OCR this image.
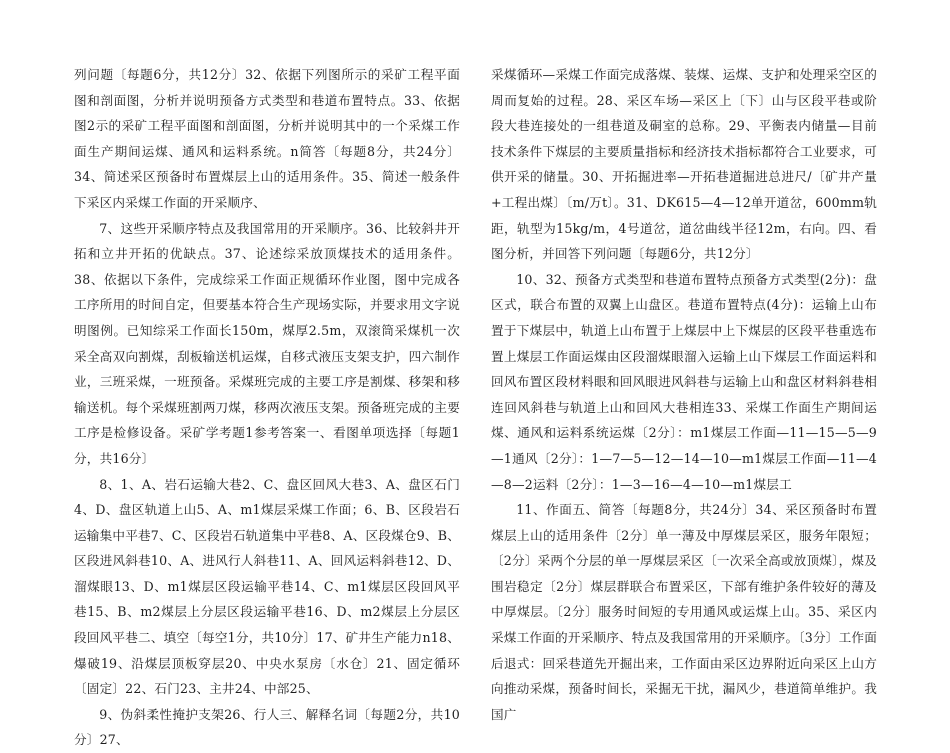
列问题〔每题6分，共12分〕32、依据下列图所示的采矿工程平面图和剖面图，分析并说明预备方式类型和巷道布置特点。33、依据图2示的采矿工程平面图和剖面图，分析并说明其中的一个采煤工作面生产期间运煤、通风和运料系统。n简答〔每题8分，共24分〕34、简述采区预备时布置煤层上山的适用条件。35、简述一般条件下采区内采煤工作面的开采顺序、

7、这些开采顺序特点及我国常用的开采顺序。36、比较斜井开拓和立井开拓的优缺点。37、论述综采放顶煤技术的适用条件。38、依据以下条件，完成综采工作面正规循环作业图，图中完成各工序所用的时间自定，但要基本符合生产现场实际，并要求用文字说明图例。已知综采工作面长150m，煤厚2.5m，双滚筒采煤机一次采全高双向割煤，刮板输送机运煤，自移式液压支架支护，四六制作业，三班采煤，一班预备。采煤班完成的主要工序是割煤、移架和移输送机。每个采煤班割两刀煤，移两次液压支架。预备班完成的主要工序是检修设备。采矿学考题1参考答案一、看图单项选择〔每题1分，共16分〕

8、1、A、岩石运输大巷2、C、盘区回风大巷3、A、盘区石门4、D、盘区轨道上山5、A、m1煤层采煤工作面；6、B、区段岩石运输集中平巷7、C、区段岩石轨道集中平巷8、A、区段煤仓9、B、区段进风斜巷10、A、进风行人斜巷11、A、回风运料斜巷12、D、溜煤眼13、D、m1煤层区段运输平巷14、C、m1煤层区段回风平巷15、B、m2煤层上分层区段运输平巷16、D、m2煤层上分层区段回风平巷二、填空〔每空1分，共10分〕17、矿井生产能力n18、爆破19、沿煤层顶板穿层20、中央水泵房〔水仓〕21、固定循环〔固定〕22、石门23、主井24、中部25、

9、伪斜柔性掩护支架26、行人三、解释名词〔每题2分，共10分〕27、

采煤循环—采煤工作面完成落煤、装煤、运煤、支护和处理采空区的周而复始的过程。28、采区车场—采区上〔下〕山与区段平巷或阶段大巷连接处的一组巷道及硐室的总称。29、平衡表内储量—目前技术条件下煤层的主要质量指标和经济技术指标都符合工业要求，可供开采的储量。30、开拓掘进率—开拓巷道掘进总进尺/〔矿井产量+工程出煤〕〔m/万t〕。31、DK615—4—12单开道岔，600mm轨距，轨型为15kg/m，4号道岔，道岔曲线半径12m，右向。四、看图分析，并回答下列问题〔每题6分，共12分〕

10、32、预备方式类型和巷道布置特点预备方式类型(2分)：盘区式，联合布置的双翼上山盘区。巷道布置特点(4分)：运输上山布置于下煤层中，轨道上山布置于上煤层中上下煤层的区段平巷重选布置上煤层工作面运煤由区段溜煤眼溜入运输上山下煤层工作面运料和回风布置区段材料眼和回风眼进风斜巷与运输上山和盘区材料斜巷相连回风斜巷与轨道上山和回风大巷相连33、采煤工作面生产期间运煤、通风和运料系统运煤〔2分〕：m1煤层工作面—11—15—5—9—1通风〔2分〕：1—7—5—12—14—10—m1煤层工作面—11—4—8—2运料〔2分〕：1—3—16—4—10—m1煤层工

11、作面五、简答〔每题8分，共24分〕34、采区预备时布置煤层上山的适用条件〔2分〕单一薄及中厚煤层采区，服务年限短；〔2分〕采两个分层的单一厚煤层采区〔一次采全高或放顶煤〕，煤及围岩稳定〔2分〕煤层群联合布置采区，下部有维护条件较好的薄及中厚煤层。〔2分〕服务时间短的专用通风或运煤上山。35、采区内采煤工作面的开采顺序、特点及我国常用的开采顺序。〔3分〕工作面后退式：回采巷道先开掘出来，工作面由采区边界附近向采区上山方向推动采煤，预备时间长，采掘无干扰，漏风少，巷道简单维护。我国广
